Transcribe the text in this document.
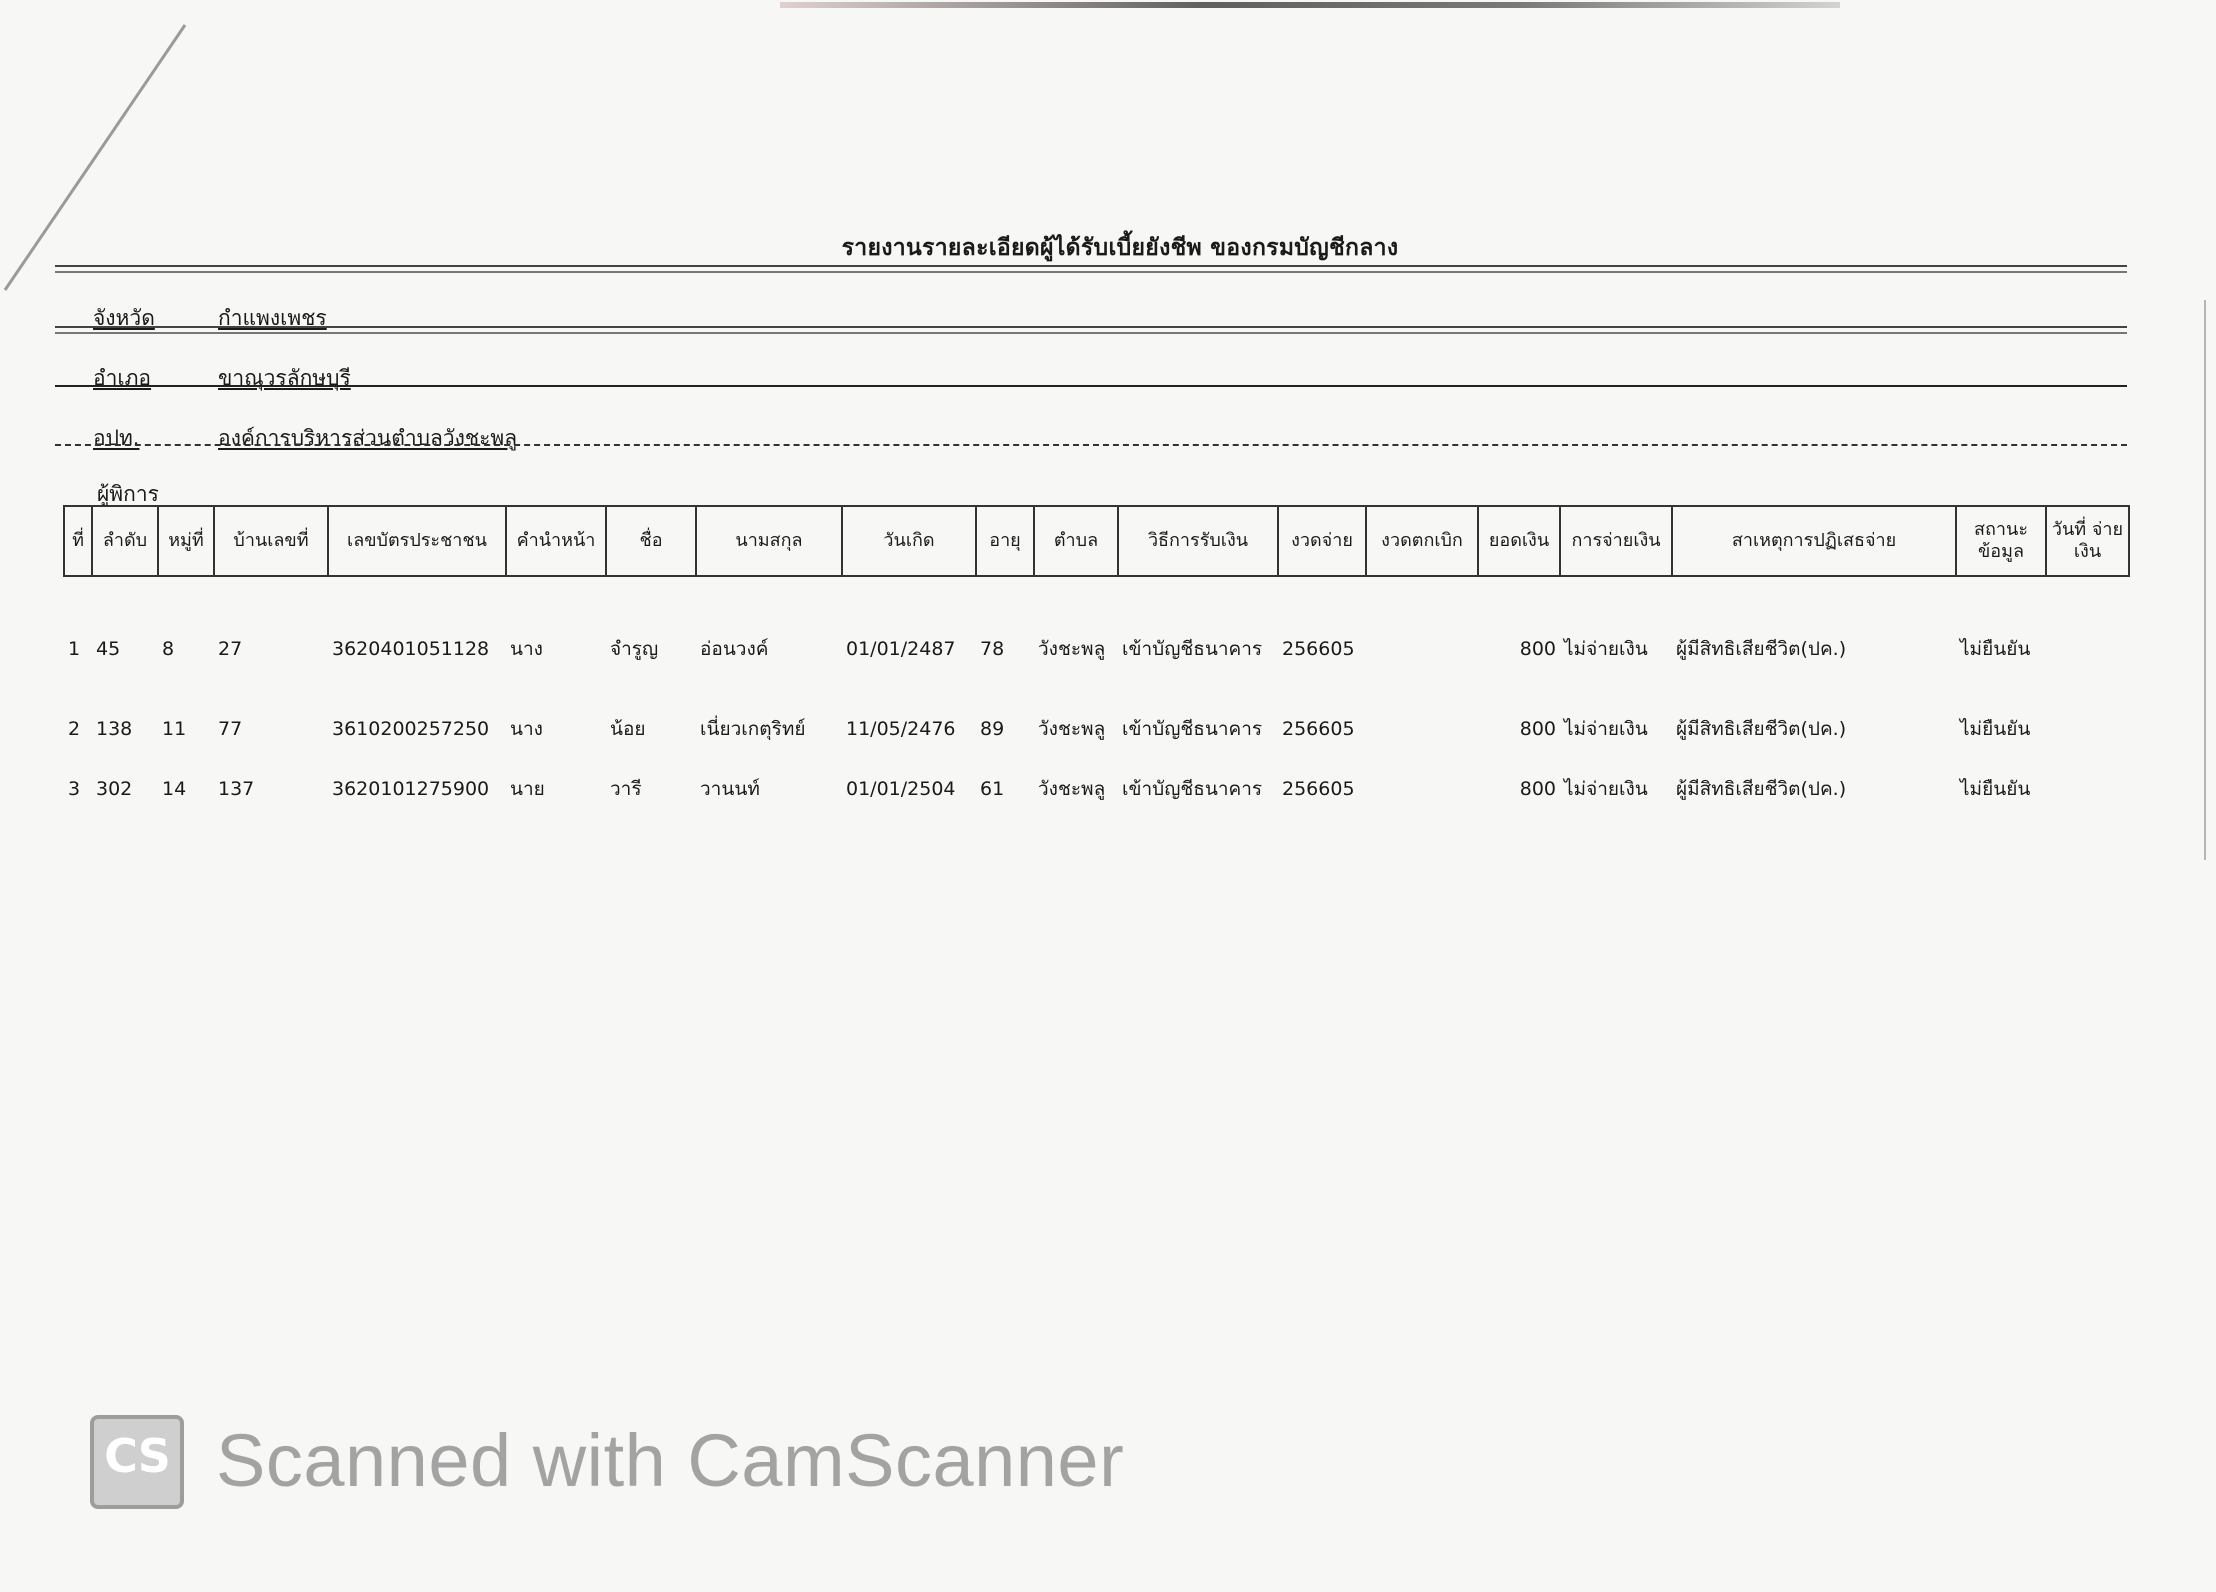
รายงานรายละเอียดผู้ได้รับเบี้ยยังชีพ ของกรมบัญชีกลาง
จังหวัด	กำแพงเพชร
อำเภอ	ขาณุวรลักษบุรี
อปท.	องค์การบริหารส่วนตำบลวังชะพลู
ผู้พิการ
ที่	ลำดับ	หมู่ที่	บ้านเลขที่	เลขบัตรประชาชน	คำนำหน้า	ชื่อ	นามสกุล	วันเกิด	อายุ	ตำบล	วิธีการรับเงิน	งวดจ่าย	งวดตกเบิก	ยอดเงิน	การจ่ายเงิน	สาเหตุการปฏิเสธจ่าย	สถานะ ข้อมูล	วันที่ จ่ายเงิน
1	45	8	27	3620401051128	นาง	จำรูญ	อ่อนวงค์	01/01/2487	78	วังชะพลู	เข้าบัญชีธนาคาร	256605		800	ไม่จ่ายเงิน	ผู้มีสิทธิเสียชีวิต(ปค.)	ไม่ยืนยัน	
2	138	11	77	3610200257250	นาง	น้อย	เนี่ยวเกตุริทย์	11/05/2476	89	วังชะพลู	เข้าบัญชีธนาคาร	256605		800	ไม่จ่ายเงิน	ผู้มีสิทธิเสียชีวิต(ปค.)	ไม่ยืนยัน	
3	302	14	137	3620101275900	นาย	วารี	วานนท์	01/01/2504	61	วังชะพลู	เข้าบัญชีธนาคาร	256605		800	ไม่จ่ายเงิน	ผู้มีสิทธิเสียชีวิต(ปค.)	ไม่ยืนยัน	
CS Scanned with CamScanner
